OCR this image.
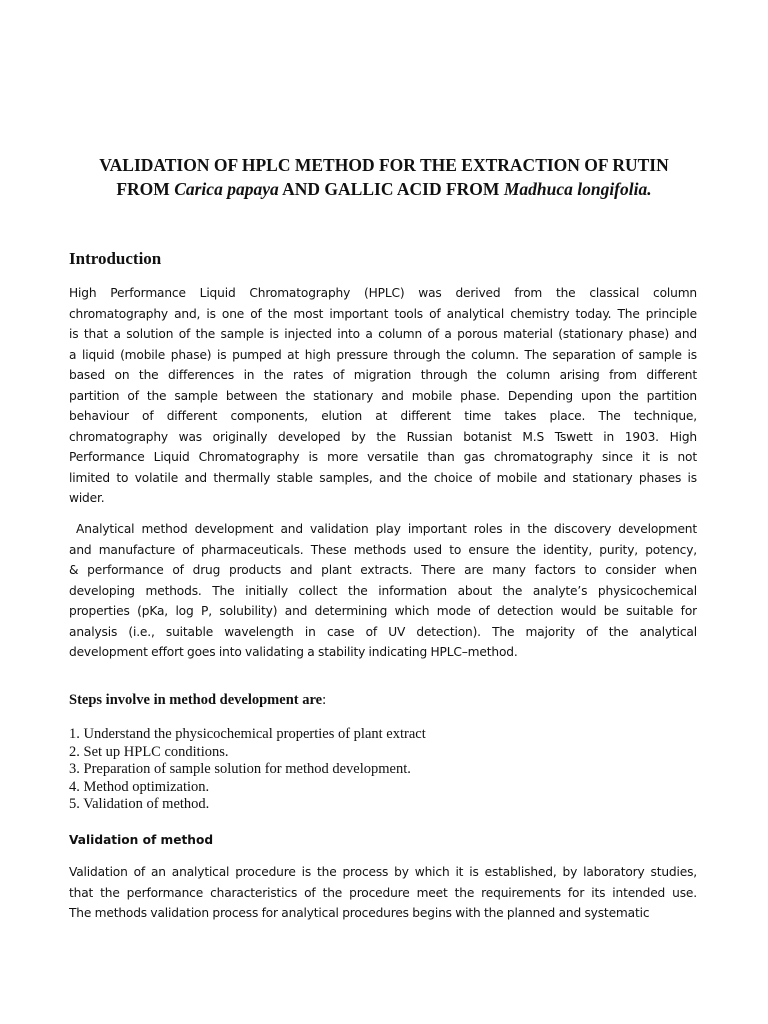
VALIDATION OF HPLC METHOD FOR THE EXTRACTION OF RUTIN
FROM Carica papaya AND GALLIC ACID FROM Madhuca longifolia.
Introduction

High Performance Liquid Chromatography (HPLC) was derived from the classical column
chromatography and, is one of the most important tools of analytical chemistry today. The principle
is that a solution of the sample is injected into a column of a porous material (stationary phase) and
a liquid (mobile phase) is pumped at high pressure through the column. The separation of sample is
based on the differences in the rates of migration through the column arising from different
partition of the sample between the stationary and mobile phase. Depending upon the partition
behaviour of different components, elution at different time takes place. The technique,
chromatography was originally developed by the Russian botanist M.S Tswett in 1903. High
Performance Liquid Chromatography is more versatile than gas chromatography since it is not
limited to volatile and thermally stable samples, and the choice of mobile and stationary phases is
wider.

Analytical method development and validation play important roles in the discovery development
and manufacture of pharmaceuticals. These methods used to ensure the identity, purity, potency,
& performance of drug products and plant extracts. There are many factors to consider when
developing methods. The initially collect the information about the analyte’s physicochemical
properties (pKa, log P, solubility) and determining which mode of detection would be suitable for
analysis (i.e., suitable wavelength in case of UV detection). The majority of the analytical
development effort goes into validating a stability indicating HPLC–method.

Steps involve in method development are:

1. Understand the physicochemical properties of plant extract
2. Set up HPLC conditions.
3. Preparation of sample solution for method development.
4. Method optimization.
5. Validation of method.
Validation of method

Validation of an analytical procedure is the process by which it is established, by laboratory studies,
that the performance characteristics of the procedure meet the requirements for its intended use.
The methods validation process for analytical procedures begins with the planned and systematic
